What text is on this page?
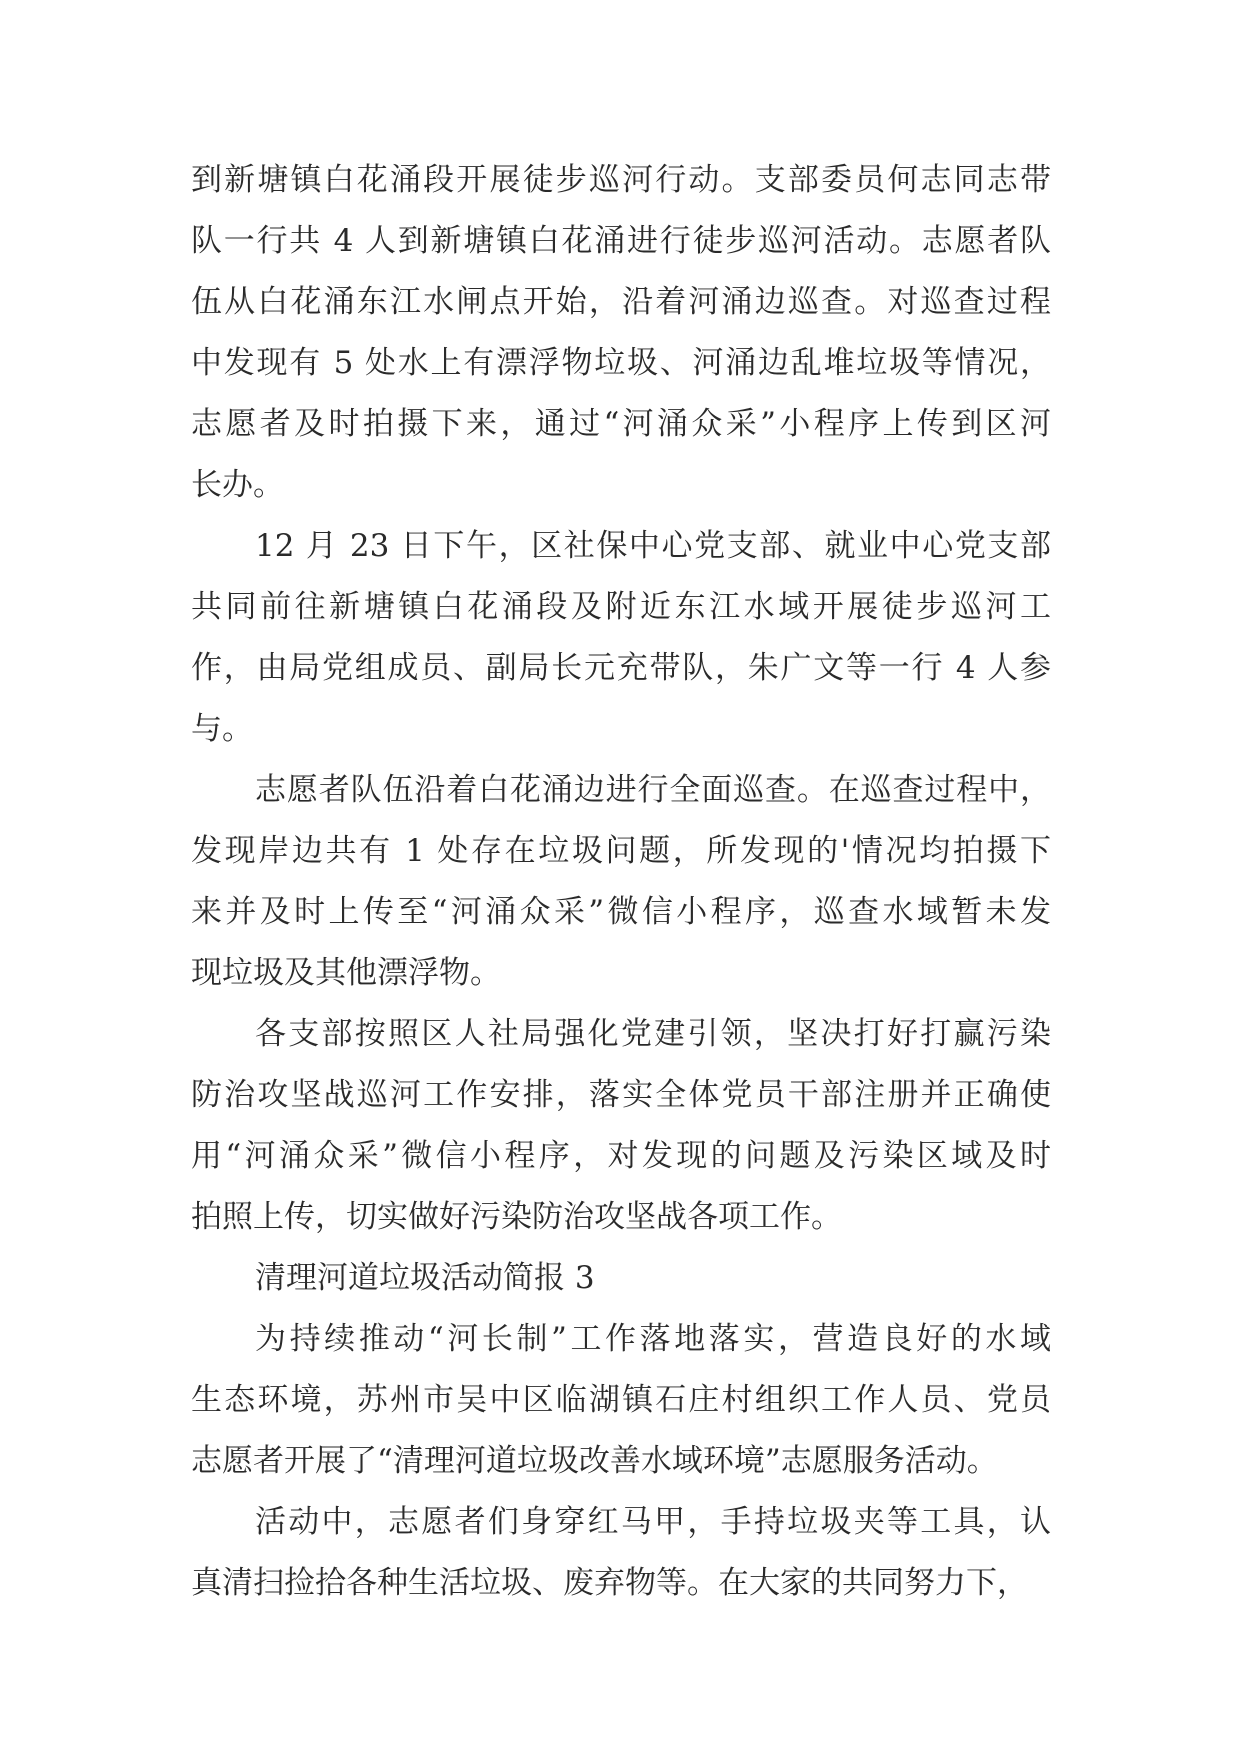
到新塘镇白花涌段开展徒步巡河行动。支部委员何志同志带
队一行共 4 人到新塘镇白花涌进行徒步巡河活动。志愿者队
伍从白花涌东江水闸点开始，沿着河涌边巡查。对巡查过程
中发现有 5 处水上有漂浮物垃圾、河涌边乱堆垃圾等情况，
志愿者及时拍摄下来，通过“河涌众采”小程序上传到区河
长办。
12 月 23 日下午，区社保中心党支部、就业中心党支部
共同前往新塘镇白花涌段及附近东江水域开展徒步巡河工
作，由局党组成员、副局长元充带队，朱广文等一行 4 人参
与。
志愿者队伍沿着白花涌边进行全面巡查。在巡查过程中，
发现岸边共有 1 处存在垃圾问题，所发现的'情况均拍摄下
来并及时上传至“河涌众采”微信小程序，巡查水域暂未发
现垃圾及其他漂浮物。
各支部按照区人社局强化党建引领，坚决打好打赢污染
防治攻坚战巡河工作安排，落实全体党员干部注册并正确使
用“河涌众采”微信小程序，对发现的问题及污染区域及时
拍照上传，切实做好污染防治攻坚战各项工作。
清理河道垃圾活动简报 3
为持续推动“河长制”工作落地落实，营造良好的水域
生态环境，苏州市吴中区临湖镇石庄村组织工作人员、党员
志愿者开展了“清理河道垃圾改善水域环境”志愿服务活动。
活动中，志愿者们身穿红马甲，手持垃圾夹等工具，认
真清扫捡拾各种生活垃圾、废弃物等。在大家的共同努力下，
